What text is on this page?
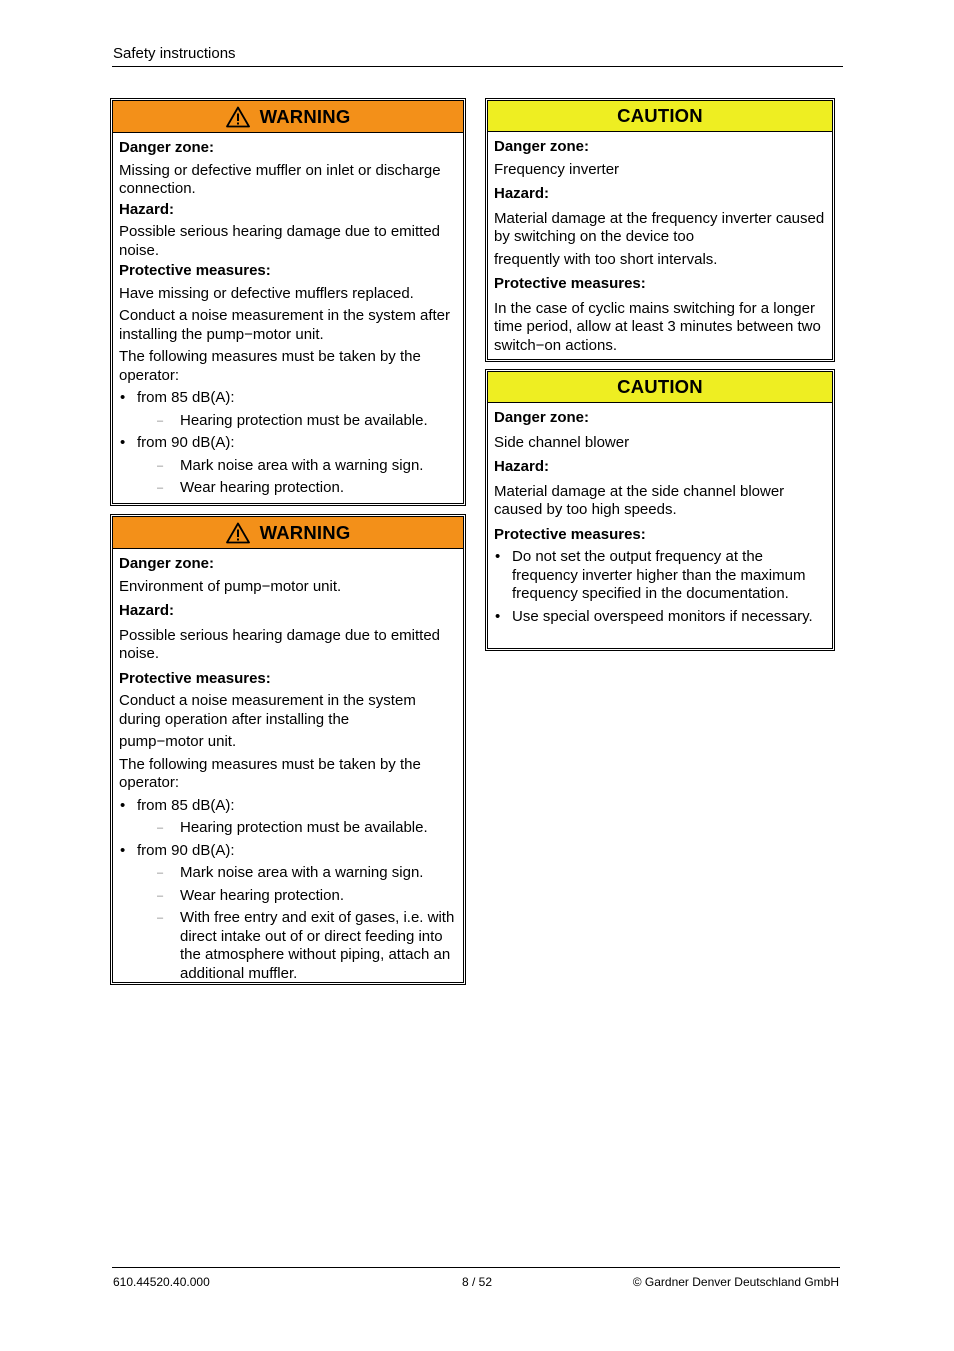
Safety instructions
WARNING
Danger zone:
Missing or defective muffler on inlet or discharge connection.
Hazard:
Possible serious hearing damage due to emitted noise.
Protective measures:
Have missing or defective mufflers replaced.
Conduct a noise measurement in the system after installing the pump−motor unit.
The following measures must be taken by the operator:
• from 85 dB(A):
– Hearing protection must be available.
• from 90 dB(A):
– Mark noise area with a warning sign.
– Wear hearing protection.
WARNING
Danger zone:
Environment of pump−motor unit.
Hazard:
Possible serious hearing damage due to emitted noise.
Protective measures:
Conduct a noise measurement in the system during operation after installing the
pump−motor unit.
The following measures must be taken by the operator:
• from 85 dB(A):
– Hearing protection must be available.
• from 90 dB(A):
– Mark noise area with a warning sign.
– Wear hearing protection.
– With free entry and exit of gases, i.e. with direct intake out of or direct feeding into the atmosphere without piping, attach an additional muffler.
CAUTION
Danger zone:
Frequency inverter
Hazard:
Material damage at the frequency inverter caused by switching on the device too
frequently with too short intervals.
Protective measures:
In the case of cyclic mains switching for a longer time period, allow at least 3 minutes between two switch−on actions.
CAUTION
Danger zone:
Side channel blower
Hazard:
Material damage at the side channel blower caused by too high speeds.
Protective measures:
• Do not set the output frequency at the frequency inverter higher than the maximum frequency specified in the documentation.
• Use special overspeed monitors if necessary.
610.44520.40.000	8 / 52	© Gardner Denver Deutschland GmbH
